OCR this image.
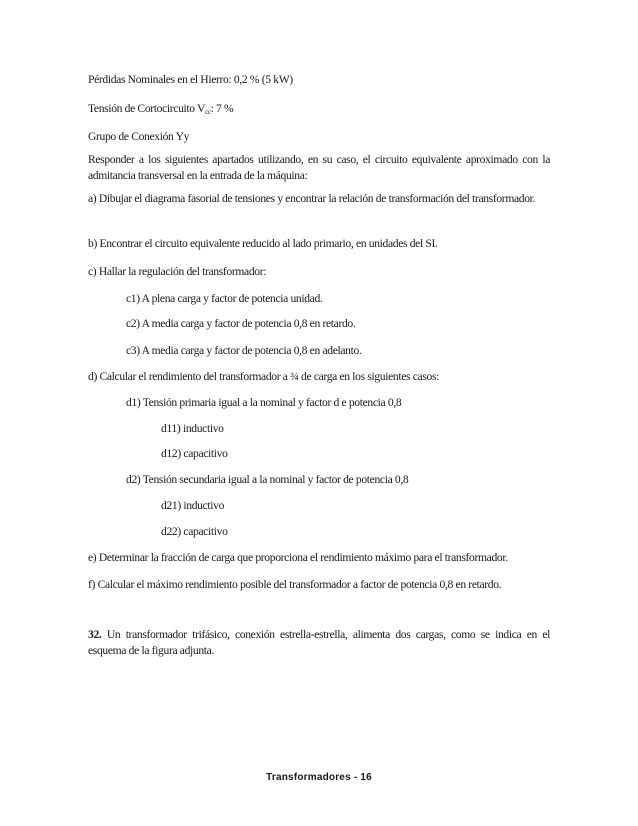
Pérdidas Nominales en el Hierro: 0,2 % (5 kW)
Tensión de Cortocircuito $V_{cc}$: 7 %
Grupo de Conexión Yy
Responder a los siguientes apartados utilizando, en su caso, el circuito equivalente aproximado con la admitancia transversal en la entrada de la máquina:
a) Dibujar el diagrama fasorial de tensiones y encontrar la relación de transformación del transformador.
b) Encontrar el circuito equivalente reducido al lado primario, en unidades del SI.
c) Hallar la regulación del transformador:
c1) A plena carga y factor de potencia unidad.
c2) A media carga y factor de potencia 0,8 en retardo.
c3) A media carga y factor de potencia 0,8 en adelanto.
d) Calcular el rendimiento del transformador a ¾ de carga en los siguientes casos:
d1) Tensión primaria igual a la nominal y factor d e potencia 0,8
d11) inductivo
d12) capacitivo
d2) Tensión secundaria igual a la nominal y factor de potencia 0,8
d21) inductivo
d22) capacitivo
e) Determinar la fracción de carga que proporciona el rendimiento máximo para el transformador.
f) Calcular el máximo rendimiento posible del transformador a factor de potencia 0,8 en retardo.
32. Un transformador trifásico, conexión estrella-estrella, alimenta dos cargas, como se indica en el esquema de la figura adjunta.
Transformadores - 16
